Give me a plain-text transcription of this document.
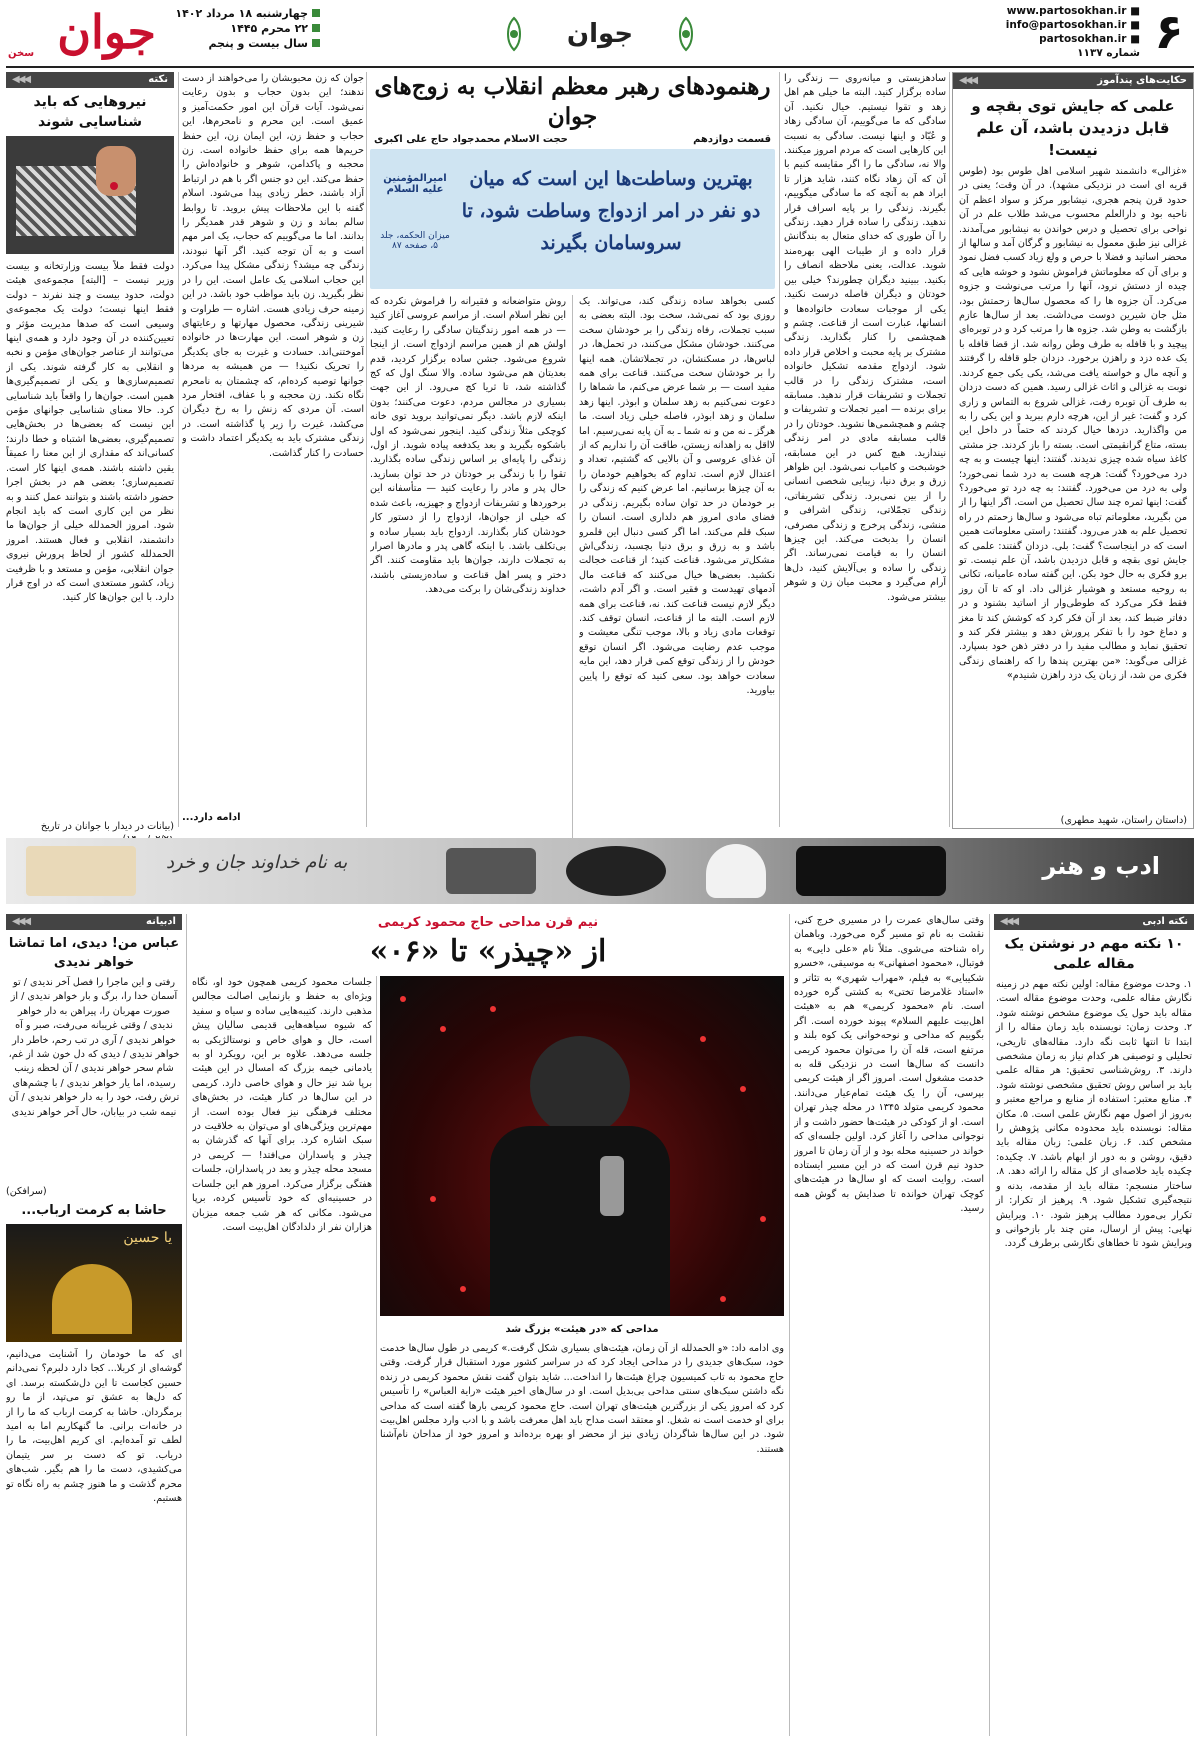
جوان
سخن
چهارشنبه ۱۸ مرداد ۱۴۰۲
۲۲ محرم ۱۴۴۵
سال بیست و پنجم	جوان
www.partosokhan.ir ■
info@partosokhan.ir ■
partosokhan.ir ■
شماره ۱۱۳۷ ۶
حکایت‌های پندآموز
◀◀◀
علمی که جایش توی بقچه و قابل دزدیدن باشد، آن علم نیست!
«غزالی» دانشمند شهیر اسلامی اهل طوس بود (طوس قریه ای است در نزدیکی مشهد). در آن وقت؛ یعنی در حدود قرن پنجم هجری، نیشابور مرکز و سواد اعظم آن ناحیه بود و دارالعلم محسوب می‌شد طلاب علم در آن نواحی برای تحصیل و درس خواندن به نیشابور می‌آمدند. غزالی نیز طبق معمول به نیشابور و گرگان آمد و سالها از محضر اساتید و فضلا با حرص و ولع زیاد کسب فضل نمود و برای آن که معلوماتش فراموش نشود و خوشه هایی که چیده از دستش نرود، آنها را مرتب می‌نوشت و جزوه می‌کرد. آن جزوه ها را که محصول سال‌ها زحمتش بود، مثل جان شیرین دوست می‌داشت. بعد از سال‌ها عازم بازگشت به وطن شد. جزوه ها را مرتب کرد و در توبره‌ای پیچید و با قافله به طرف وطن روانه شد. از قضا قافله با یک عده دزد و راهزن برخورد. دزدان جلو قافله را گرفتند و آنچه مال و خواسته یافت می‌شد، یکی یکی جمع کردند. نوبت به غزالی و اثاث غزالی رسید. همین که دست دزدان به طرف آن توبره رفت، غزالی شروع به التماس و زاری کرد و گفت: غیر از این، هرچه دارم ببرید و این یکی را به من واگذارید. دزدها خیال کردند که حتماً در داخل این بسته، متاع گرانقیمتی است. بسته را باز کردند. جز مشتی کاغذ سیاه شده چیزی ندیدند. گفتند: اینها چیست و به چه درد می‌خورد؟ گفت: هرچه هست به درد شما نمی‌خورد؛ ولی به درد من می‌خورد. گفتند: به چه درد تو می‌خورد؟ گفت: اینها ثمره چند سال تحصیل من است. اگر اینها را از من بگیرید، معلوماتم تباه می‌شود و سال‌ها زحمتم در راه تحصیل علم به هدر می‌رود. گفتند: راستی معلوماتت همین است که در اینجاست؟ گفت: بلی. دزدان گفتند: علمی که جایش توی بقچه و قابل دزدیدن باشد، آن علم نیست. تو برو فکری به حال خود بکن. این گفته ساده عامیانه، تکانی به روحیه مستعد و هوشیار غزالی داد. او که تا آن روز فقط فکر می‌کرد که طوطی‌وار از اساتید بشنود و در دفاتر ضبط کند، بعد از آن فکر کرد که کوشش کند تا مغز و دماغ خود را با تفکر پرورش دهد و بیشتر فکر کند و تحقیق نماید و مطالب مفید را در دفتر ذهن خود بسپارد. غزالی می‌گوید: «من بهترین پندها را که راهنمای زندگی فکری من شد، از زبان یک دزد راهزن شنیدم»
(داستان راستان، شهید مطهری)
سادهزیستی و میانه‌روی — زندگی را ساده برگزار کنید. البته ما خیلی هم اهل زهد و تقوا نیستیم. خیال نکنید. آن سادگی که ما می‌گوییم، آن سادگی زهاد و عُبّاد و اینها نیست. سادگی به نسبت این کارهایی است که مردم امروز میکنند. والا نه، سادگی ما را اگر مقایسه کنیم با آن که آن زهاد نگاه کنند، شاید هزار تا ایراد هم به آنچه که ما سادگی میگوییم، بگیرند. زندگی را بر پایه اسراف قرار ندهید. زندگی را ساده قرار دهید. زندگی را آن طوری که خدای متعال به بندگانش قرار داده و از طیبات الهی بهره‌مند شوید. عدالت، یعنی ملاحظه انصاف را بکنید. ببینید دیگران چطورند؟ خیلی بین خودتان و دیگران فاصله درست نکنید. یکی از موجبات سعادت خانواده‌ها و انسانها، عبارت است از قناعت. چشم و همچشمی را کنار بگذارید. زندگی مشترک بر پایه محبت و اخلاص قرار داده شود. ازدواج مقدمه تشکیل خانواده است، مشترک زندگی را در قالب تجملات و تشریفات قرار ندهید. مسابقه برای برنده — امیر تجملات و تشریفات و چشم و همچشمی‌ها نشوید. خودتان را در قالب مسابقه مادی در امر زندگی نیندازید. هیچ کس در این مسابقه، خوشبخت و کامیاب نمی‌شود. این ظواهر زرق و برق دنیا، زیبایی شخصی انسانی را از بین نمی‌برد. زندگی تشریفاتی، زندگی تجمّلاتی، زندگی اشرافی و منشی، زندگی پرخرج و زندگی مصرفی، انسان را بدبخت می‌کند. این چیزها انسان را به قیامت نمی‌رساند. اگر زندگی را ساده و بی‌آلایش کنید، دل‌ها آرام می‌گیرد و محبت میان زن و شوهر بیشتر می‌شود.
رهنمودهای رهبر معظم انقلاب به زوج‌های جوان
قسمت دوازدهم
حجت الاسلام محمدجواد حاج علی اکبری
بهترین وساطت‌ها این است که میان دو نفر در امر ازدواج وساطت شود، تا سروسامان بگیرند
امیرالمؤمنین علیه السلام
میزان الحکمه، جلد ۵، صفحه ۸۷
کسی بخواهد ساده زندگی کند، می‌تواند. یک روزی بود که نمی‌شد، سخت بود. البته بعضی به سبب تجملات، رفاه زندگی را بر خودشان سخت می‌کنند. خودشان مشکل می‌کنند، در تحمل‌ها، در لباس‌ها، در مسکنشان، در تجملاتشان. همه اینها را بر خودشان سخت می‌کنند. قناعت برای همه مفید است — بر شما عرض می‌کنم، ما شماها را دعوت نمی‌کنیم به زهد سلمان و ابوذر. اینها زهد سلمان و زهد ابوذر، فاصله خیلی زیاد است. ما هرگز ـ نه من و نه شما ـ به آن پایه نمی‌رسیم. اما لااقل به زاهدانه زیستن، طاقت آن را نداریم که از آن غذای عروسی و آن بالایی که گشتیم، تعداد و اعتدال لازم است. تداوم که بخواهیم خودمان را به آن چیزها برسانیم. اما عرض کنیم که زندگی را بر خودمان در حد توان ساده بگیریم. زندگی در فضای مادی امروز هم دلداری است. انسان را سبک قلم می‌کند. اما اگر کسی دنبال این قلمرو باشد و به زرق و برق دنیا بچسبد، زندگی‌اش مشکل‌تر می‌شود. قناعت کنید؛ از قناعت خجالت نکشید. بعضی‌ها خیال می‌کنند که قناعت مال آدمهای تهیدست و فقیر است. و اگر آدم داشت، دیگر لازم نیست قناعت کند. نه، قناعت برای همه لازم است. البته ما از قناعت، انسان توقف کند. توقعات مادی زیاد و بالا، موجب تنگی معیشت و موجب عدم رضایت می‌شود. اگر انسان توقع خودش را از زندگی توقع کمی قرار دهد، این مایه سعادت خواهد بود. سعی کنید که توقع را پایین بیاورید.
روش متواضعانه و فقیرانه را فراموش نکرده که این نظر اسلام است. از مراسم عروسی آغاز کنید — در همه امور زندگیتان سادگی را رعایت کنید. اولش هم از همین مراسم ازدواج است. از اینجا شروع می‌شود. جشن ساده برگزار کردید، قدم بعدیتان هم می‌شود ساده. والا سنگ اول که کج گذاشته شد، تا ثریا کج می‌رود. از این جهت بسیاری در مجالس مردم، دعوت می‌کنند؛ بدون اینکه لازم باشد. دیگر نمی‌توانید بروید توی خانه کوچکی مثلاً زندگی کنید. اینجور نمی‌شود که اول باشکوه بگیرید و بعد یکدفعه پیاده شوید. از اول، زندگی را پایه‌ای بر اساس زندگی ساده بگذارید. تقوا را با زندگی بر خودتان در حد توان بسازید. حال پدر و مادر را رعایت کنید — متأسفانه این برخوردها و تشریفات ازدواج و جهیزیه، باعث شده که خیلی از جوان‌ها، ازدواج را از دستور کار خودشان کنار بگذارند. ازدواج باید بسیار ساده و بی‌تکلف باشد. با اینکه گاهی پدر و مادرها اصرار به تجملات دارند، جوان‌ها باید مقاومت کنند. اگر دختر و پسر اهل قناعت و ساده‌زیستی باشند، خداوند زندگی‌شان را برکت می‌دهد.
جوان که زن محبوبشان را می‌خواهند از دست ندهند؛ این بدون حجاب و بدون رعایت نمی‌شود. آیات قرآن این امور حکمت‌آمیز و عمیق است. این محرم و نامحرم‌ها، این حجاب و حفظ زن، این ایمان زن، این حفظ حریم‌ها همه برای حفظ خانواده است. زن محجبه و پاکدامن، شوهر و خانواده‌اش را حفظ می‌کند. این دو جنس اگر با هم در ارتباط آزاد باشند، خطر زیادی پیدا می‌شود. اسلام گفته با این ملاحظات پیش بروید. تا روابط سالم بماند و زن و شوهر قدر همدیگر را بدانند. اما ما می‌گوییم که حجاب، یک امر مهم است و به آن توجه کنید. اگر آنها نبودند، زندگی چه میشد؟ زندگی مشکل پیدا می‌کرد. این حجاب اسلامی یک عامل است. این را در نظر بگیرید. زن باید مواظب خود باشد. در این زمینه حرف زیادی هست. اشاره — طراوت و شیرینی زندگی، محصول مهارتها و رعایتهای زن و شوهر است. این مهارت‌ها در خانواده آموختنی‌اند. حسادت و غیرت به جای یکدیگر را تحریک نکنید! — من همیشه به مردها جوانها توصیه کرده‌ام، که چشمتان به نامحرم نگاه نکند. زن محجبه و با عفاف، افتخار مرد است. آن مردی که زنش را به رخ دیگران می‌کشد، غیرت را زیر پا گذاشته است. در زندگی مشترک باید به یکدیگر اعتماد داشت و حسادت را کنار گذاشت.
ادامه دارد...
نکته
◀◀◀
نیروهایی که باید شناسایی شوند
دولت فقط ملاً بیست وزارتخانه و بیست وزیر نیست – [البته] مجموعه‌ی هیئت دولت، حدود بیست و چند نفرند – دولت فقط اینها نیست؛ دولت یک مجموعه‌ی وسیعی است که صدها مدیریت مؤثر و تعیین‌کننده در آن وجود دارد و همه‌ی اینها می‌توانند از عناصر جوان‌های مؤمن و نخبه و انقلابی به کار گرفته شوند. یکی از تصمیم‌سازی‌ها و یکی از تصمیم‌گیری‌ها همین است. جوان‌ها را واقعاً باید شناسایی کرد. حالا معنای شناسایی جوانهای مؤمن این نیست که بعضی‌ها در بخش‌هایی تصمیم‌گیری، بعضی‌ها اشتباه و خطا دارند؛ کسانی‌اند که مقداری از این معنا را عمیقاً یقین داشته باشند. همه‌ی اینها کار است. تصمیم‌سازی؛ بعضی هم در بخش اجرا حضور داشته باشند و بتوانند عمل کنند و به نظر من این کاری است که باید انجام شود. امروز الحمدلله خیلی از جوان‌ها ما دانشمند، انقلابی و فعال هستند. امروز الحمدلله کشور از لحاظ پرورش نیروی جوان انقلابی، مؤمن و مستعد و با ظرفیت زیاد، کشور مستعدی است که در اوج قرار دارد. با این جوان‌ها کار کنید.
(بیانات در دیدار با جوانان در تاریخ
به نام خداوند جان و خرد	ادب و هنر
نکته ادبی
◀◀◀
۱۰ نکته مهم در نوشتن یک مقاله علمی
۱. وحدت موضوع مقاله: اولین نکته مهم در زمینه نگارش مقاله علمی، وحدت موضوع مقاله است. مقاله باید حول یک موضوع مشخص نوشته شود. ۲. وحدت زمان: نویسنده باید زمان مقاله را از ابتدا تا انتها ثابت نگه دارد. مقاله‌های تاریخی، تحلیلی و توصیفی هر کدام نیاز به زمان مشخصی دارند. ۳. روش‌شناسی تحقیق: هر مقاله علمی باید بر اساس روش تحقیق مشخصی نوشته شود. ۴. منابع معتبر: استفاده از منابع و مراجع معتبر و به‌روز از اصول مهم نگارش علمی است. ۵. مکان مقاله: نویسنده باید محدوده مکانی پژوهش را مشخص کند. ۶. زبان علمی: زبان مقاله باید دقیق، روشن و به دور از ابهام باشد. ۷. چکیده: چکیده باید خلاصه‌ای از کل مقاله را ارائه دهد. ۸. ساختار منسجم: مقاله باید از مقدمه، بدنه و نتیجه‌گیری تشکیل شود. ۹. پرهیز از تکرار: از تکرار بی‌مورد مطالب پرهیز شود. ۱۰. ویرایش نهایی: پیش از ارسال، متن چند بار بازخوانی و ویرایش شود تا خطاهای نگارشی برطرف گردد.
وقتی سال‌های عمرت را در مسیری خرج کنی، نقشت به نام تو مسیر گره می‌خورد. وباهمان راه شناخته می‌شوی. مثلاً نام «علی دایی» به فوتبال، «محمود اصفهانی» به موسیقی، «خسرو شکیبایی» به فیلم، «مهراب شهری» به تئاتر و «استاد غلامرضا تختی» به کشتی گره خورده است. نام «محمود کریمی» هم به «هیئت اهل‌بیت علیهم السلام» پیوند خورده است. اگر بگوییم که مداحی و نوحه‌خوانی یک کوه بلند و مرتفع است، قله آن را می‌توان محمود کریمی دانست که سال‌ها است در نزدیکی قله به خدمت مشغول است. امروز اگر از هیئت کریمی بپرسی، آن را یک هیئت تمام‌عیار می‌دانند. محمود کریمی متولد ۱۳۴۵ در محله چیذر تهران است. او از کودکی در هیئت‌ها حضور داشت و از نوجوانی مداحی را آغاز کرد. اولین جلسه‌ای که خواند در حسینیه محله بود و از آن زمان تا امروز حدود نیم قرن است که در این مسیر ایستاده است. روایت است که او سال‌ها در هیئت‌های کوچک تهران خوانده تا صدایش به گوش همه رسید.
نیم قرن مداحی حاج محمود کریمی
از «چیذر» تا «۰۶»
جلسات محمود کریمی همچون خود او، نگاه ویژه‌ای به حفظ و بازنمایی اصالت مجالس مذهبی دارند. کتیبه‌هایی ساده و سیاه و سفید که شیوه سیاهه‌هایی قدیمی سالیان پیش است، حال و هوای خاص و نوستالژیکی به جلسه می‌دهد. علاوه بر این، رویکرد او به یادمانی خیمه بزرگ که امسال در این هیئت برپا شد نیز حال و هوای خاصی دارد. کریمی در این سال‌ها در کنار هیئت، در بخش‌های مختلف فرهنگی نیز فعال بوده است. از مهم‌ترین ویژگی‌های او می‌توان به خلاقیت در سبک اشاره کرد. برای آنها که گذرشان به چیذر و پاسداران می‌افتد! — کریمی در مسجد محله چیذر و بعد در پاسداران، جلسات هفتگی برگزار می‌کرد. امروز هم این جلسات در حسینیه‌ای که خود تأسیس کرده، برپا می‌شود. مکانی که هر شب جمعه میزبان هزاران نفر از دلدادگان اهل‌بیت است.
مداحی که «در هیئت» بزرگ شد
وی ادامه داد: «و الحمدلله از آن زمان، هیئت‌های بسیاری شکل گرفت.» کریمی در طول سال‌ها خدمت خود، سبک‌های جدیدی را در مداحی ایجاد کرد که در سراسر کشور مورد استقبال قرار گرفت. وقتی حاج محمود به تاب کمیسیون چراغ هیئت‌ها را انداخت... شاید بتوان گفت نقش محمود کریمی در زنده نگه داشتن سبک‌های سنتی مداحی بی‌بدیل است. او در سال‌های اخیر هیئت «رایة العباس» را تأسیس کرد که امروز یکی از بزرگترین هیئت‌های تهران است. حاج محمود کریمی بارها گفته است که مداحی برای او خدمت است نه شغل. او معتقد است مداح باید اهل معرفت باشد و با ادب وارد مجلس اهل‌بیت شود. در این سال‌ها شاگردان زیادی نیز از محضر او بهره برده‌اند و امروز خود از مداحان نام‌آشنا هستند.
ادبیانه
◀◀◀
عباس من! دیدی، اما تماشا خواهر ندیدی
رفتی و این ماجرا را فصل آخر ندیدی / تو آسمان خدا را، برگ و بار خواهر ندیدی / از صورت مهربان را، پیراهن به دار خواهر ندیدی / وقتی غریبانه می‌رفت، صبر و آه خواهر ندیدی / آری در تب رحم، خاطر دار خواهر ندیدی / دیدی که دل خون شد از غم، شام سحر خواهر ندیدی / آن لحظه زینب رسیده، اما یار خواهر ندیدی / با چشم‌های ترش رفت، خود را به دار خواهر ندیدی / آن نیمه شب در بیابان، حال آخر خواهر ندیدی
(سرافکن)
حاشا به کرمت ارباب...
یا حسین
ای که ما خودمان را آشنایت می‌دانیم، گوشه‌ای از کربلا... کجا دارد دلبرم؟ نمی‌دانم حسین کجاست تا این دل‌شکسته برسد. ای که دل‌ها به عشق تو می‌تپد، از ما رو برمگردان. حاشا به کرمت ارباب که ما را از در خانه‌ات برانی. ما گنهکاریم اما به امید لطف تو آمده‌ایم. ای کریم اهل‌بیت، ما را دریاب. تو که دست بر سر یتیمان می‌کشیدی، دست ما را هم بگیر. شب‌های محرم گذشت و ما هنوز چشم به راه نگاه تو هستیم.
